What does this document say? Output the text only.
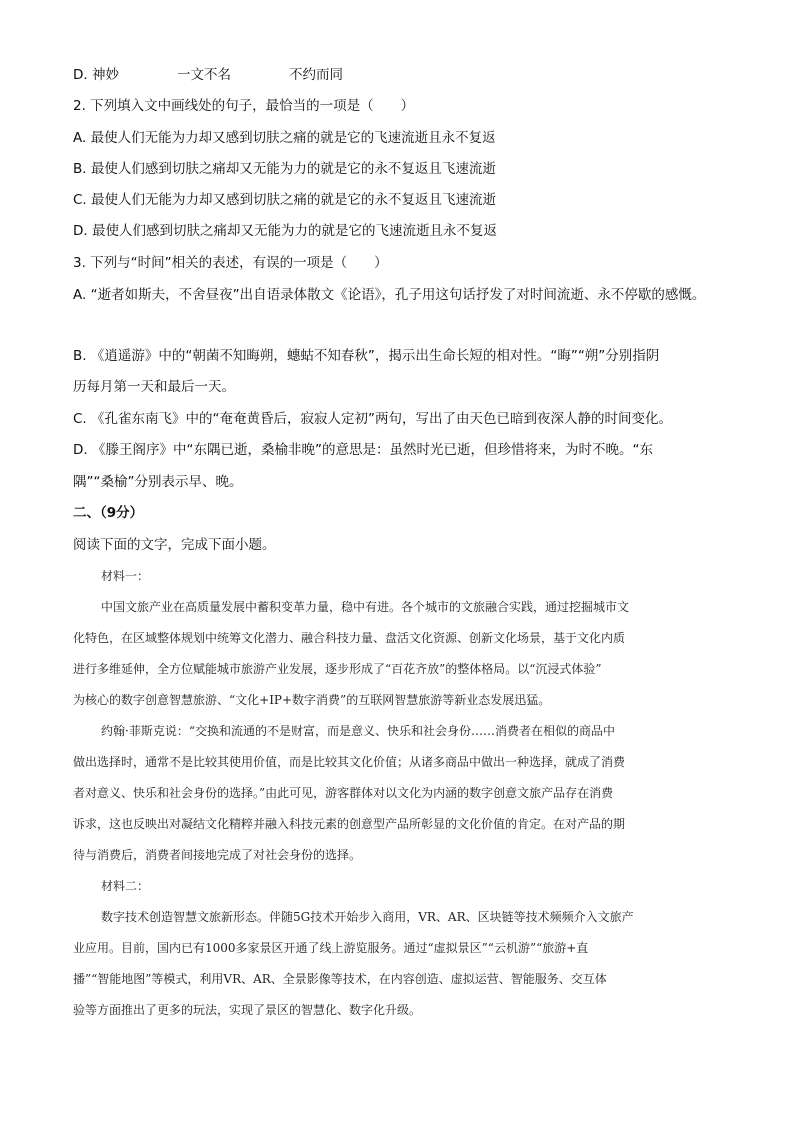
D. 神妙	一文不名	不约而同
2. 下列填入文中画线处的句子，最恰当的一项是（　　）
A. 最使人们无能为力却又感到切肤之痛的就是它的飞速流逝且永不复返
B. 最使人们感到切肤之痛却又无能为力的就是它的永不复返且飞速流逝
C. 最使人们无能为力却又感到切肤之痛的就是它的永不复返且飞速流逝
D. 最使人们感到切肤之痛却又无能为力的就是它的飞速流逝且永不复返
3. 下列与“时间”相关的表述，有误的一项是（　　）
A. “逝者如斯夫，不舍昼夜”出自语录体散文《论语》，孔子用这句话抒发了对时间流逝、永不停歇的感慨。
B. 《逍遥游》中的“朝菌不知晦朔，蟪蛄不知春秋”，揭示出生命长短的相对性。“晦”“朔”分别指阴
历每月第一天和最后一天。
C. 《孔雀东南飞》中的“奄奄黄昏后，寂寂人定初”两句，写出了由天色已暗到夜深人静的时间变化。
D. 《滕王阁序》中“东隅已逝，桑榆非晚”的意思是：虽然时光已逝，但珍惜将来，为时不晚。“东
隅”“桑榆”分别表示早、晚。
二、（9分）
阅读下面的文字，完成下面小题。
材料一：
中国文旅产业在高质量发展中蓄积变革力量，稳中有进。各个城市的文旅融合实践，通过挖掘城市文
化特色，在区域整体规划中统筹文化潜力、融合科技力量、盘活文化资源、创新文化场景，基于文化内质
进行多维延伸，全方位赋能城市旅游产业发展，逐步形成了“百花齐放”的整体格局。以“沉浸式体验”
为核心的数字创意智慧旅游、“文化+IP+数字消费”的互联网智慧旅游等新业态发展迅猛。
约翰·菲斯克说：“交换和流通的不是财富，而是意义、快乐和社会身份……消费者在相似的商品中
做出选择时，通常不是比较其使用价值，而是比较其文化价值；从诸多商品中做出一种选择，就成了消费
者对意义、快乐和社会身份的选择。”由此可见，游客群体对以文化为内涵的数字创意文旅产品存在消费
诉求，这也反映出对凝结文化精粹并融入科技元素的创意型产品所彰显的文化价值的肯定。在对产品的期
待与消费后，消费者间接地完成了对社会身份的选择。
材料二：
数字技术创造智慧文旅新形态。伴随5G技术开始步入商用，VR、AR、区块链等技术频频介入文旅产
业应用。目前，国内已有1000多家景区开通了线上游览服务。通过“虚拟景区”“云机游”“旅游+直
播”“智能地图”等模式，利用VR、AR、全景影像等技术，在内容创造、虚拟运营、智能服务、交互体
验等方面推出了更多的玩法，实现了景区的智慧化、数字化升级。
